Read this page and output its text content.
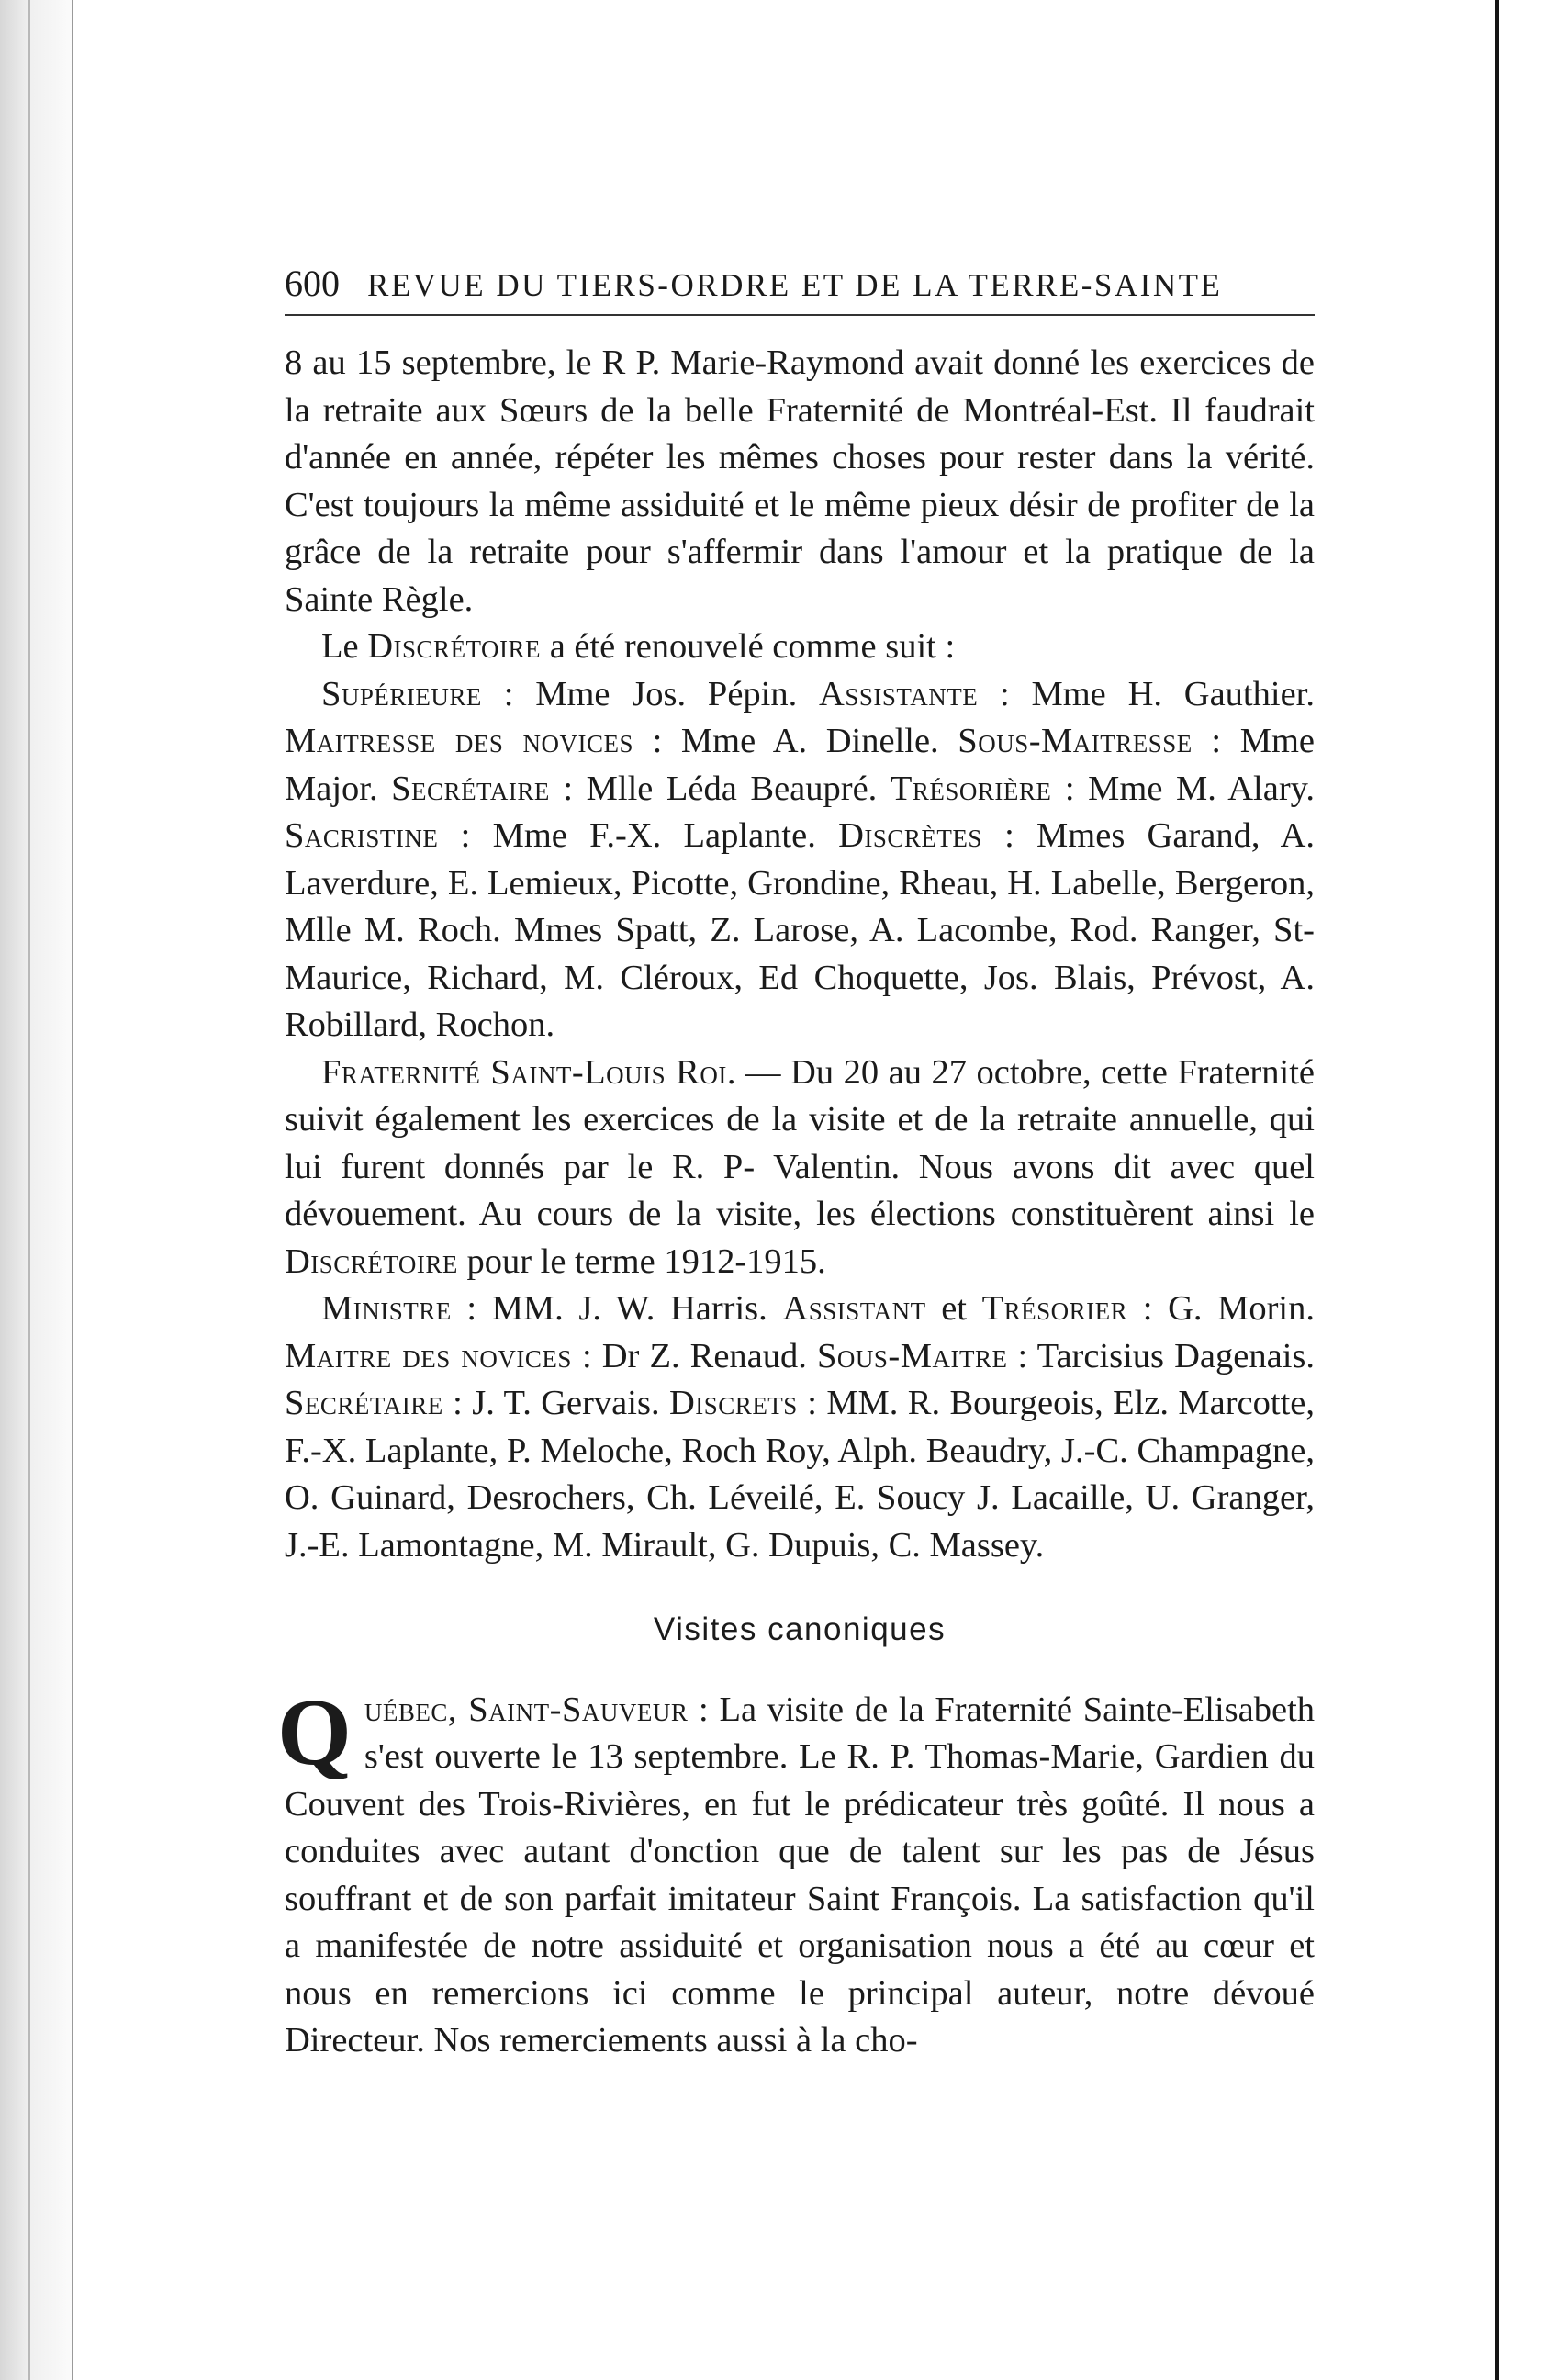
600 REVUE DU TIERS-ORDRE ET DE LA TERRE-SAINTE

8 au 15 septembre, le R P. Marie-Raymond avait donné les exercices de la retraite aux Sœurs de la belle Fraternité de Montréal-Est. Il faudrait d'année en année, répéter les mêmes choses pour rester dans la vérité. C'est toujours la même assiduité et le même pieux désir de profiter de la grâce de la retraite pour s'affermir dans l'amour et la pratique de la Sainte Règle.

Le Discrétoire a été renouvelé comme suit :

Supérieure : Mme Jos. Pépin. Assistante : Mme H. Gauthier. Maitresse des novices : Mme A. Dinelle. Sous-Maitresse : Mme Major. Secrétaire : Mlle Léda Beaupré. Trésorière : Mme M. Alary. Sacristine : Mme F.-X. Laplante. Discrètes : Mmes Garand, A. Laverdure, E. Lemieux, Picotte, Grondine, Rheau, H. Labelle, Bergeron, Mlle M. Roch. Mmes Spatt, Z. Larose, A. Lacombe, Rod. Ranger, St-Maurice, Richard, M. Cléroux, Ed Choquette, Jos. Blais, Prévost, A. Robillard, Rochon.

Fraternité Saint-Louis Roi. — Du 20 au 27 octobre, cette Fraternité suivit également les exercices de la visite et de la retraite annuelle, qui lui furent donnés par le R. P- Valentin. Nous avons dit avec quel dévouement. Au cours de la visite, les élections constituèrent ainsi le Discrétoire pour le terme 1912-1915.

Ministre : MM. J. W. Harris. Assistant et Trésorier : G. Morin. Maitre des novices : Dr Z. Renaud. Sous-Maitre : Tarcisius Dagenais. Secrétaire : J. T. Gervais. Discrets : MM. R. Bourgeois, Elz. Marcotte, F.-X. Laplante, P. Meloche, Roch Roy, Alph. Beaudry, J.-C. Champagne, O. Guinard, Desrochers, Ch. Léveilé, E. Soucy J. Lacaille, U. Granger, J.-E. Lamontagne, M. Mirault, G. Dupuis, C. Massey.

Visites canoniques

Québec, Saint-Sauveur : La visite de la Fraternité Sainte-Elisabeth s'est ouverte le 13 septembre. Le R. P. Thomas-Marie, Gardien du Couvent des Trois-Rivières, en fut le prédicateur très goûté. Il nous a conduites avec autant d'onction que de talent sur les pas de Jésus souffrant et de son parfait imitateur Saint François. La satisfaction qu'il a manifestée de notre assiduité et organisation nous a été au cœur et nous en remercions ici comme le principal auteur, notre dévoué Directeur. Nos remerciements aussi à la cho-
